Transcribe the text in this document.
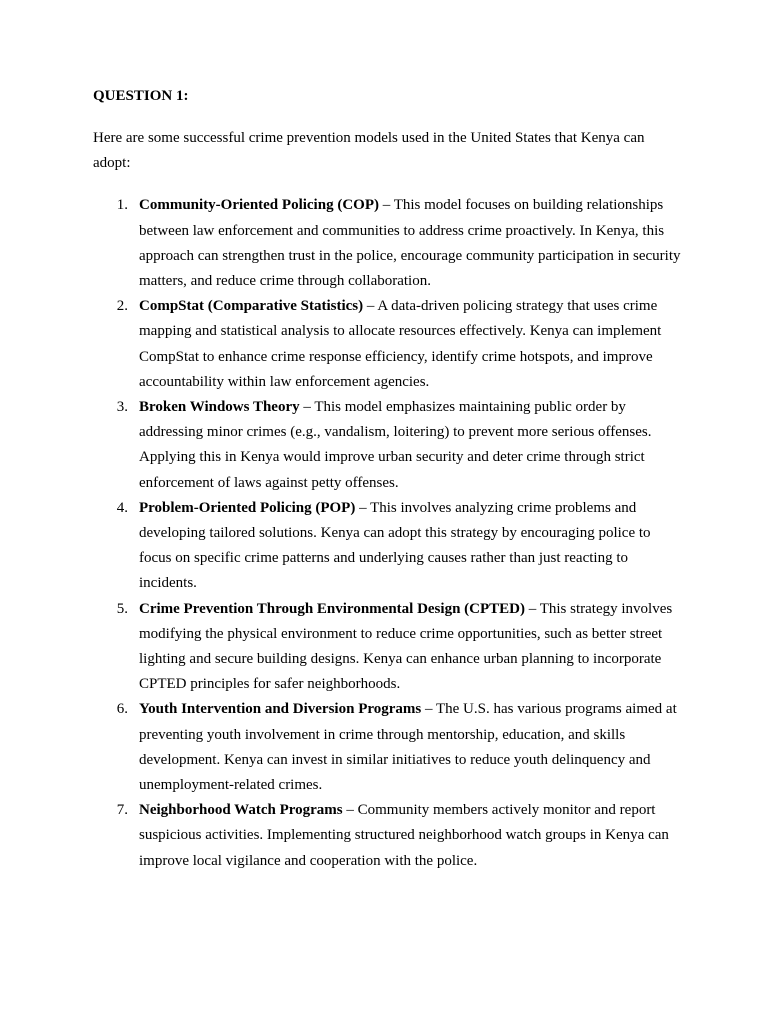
QUESTION 1:

Here are some successful crime prevention models used in the United States that Kenya can adopt:

1. Community-Oriented Policing (COP) – This model focuses on building relationships between law enforcement and communities to address crime proactively. In Kenya, this approach can strengthen trust in the police, encourage community participation in security matters, and reduce crime through collaboration.
2. CompStat (Comparative Statistics) – A data-driven policing strategy that uses crime mapping and statistical analysis to allocate resources effectively. Kenya can implement CompStat to enhance crime response efficiency, identify crime hotspots, and improve accountability within law enforcement agencies.
3. Broken Windows Theory – This model emphasizes maintaining public order by addressing minor crimes (e.g., vandalism, loitering) to prevent more serious offenses. Applying this in Kenya would improve urban security and deter crime through strict enforcement of laws against petty offenses.
4. Problem-Oriented Policing (POP) – This involves analyzing crime problems and developing tailored solutions. Kenya can adopt this strategy by encouraging police to focus on specific crime patterns and underlying causes rather than just reacting to incidents.
5. Crime Prevention Through Environmental Design (CPTED) – This strategy involves modifying the physical environment to reduce crime opportunities, such as better street lighting and secure building designs. Kenya can enhance urban planning to incorporate CPTED principles for safer neighborhoods.
6. Youth Intervention and Diversion Programs – The U.S. has various programs aimed at preventing youth involvement in crime through mentorship, education, and skills development. Kenya can invest in similar initiatives to reduce youth delinquency and unemployment-related crimes.
7. Neighborhood Watch Programs – Community members actively monitor and report suspicious activities. Implementing structured neighborhood watch groups in Kenya can improve local vigilance and cooperation with the police.
